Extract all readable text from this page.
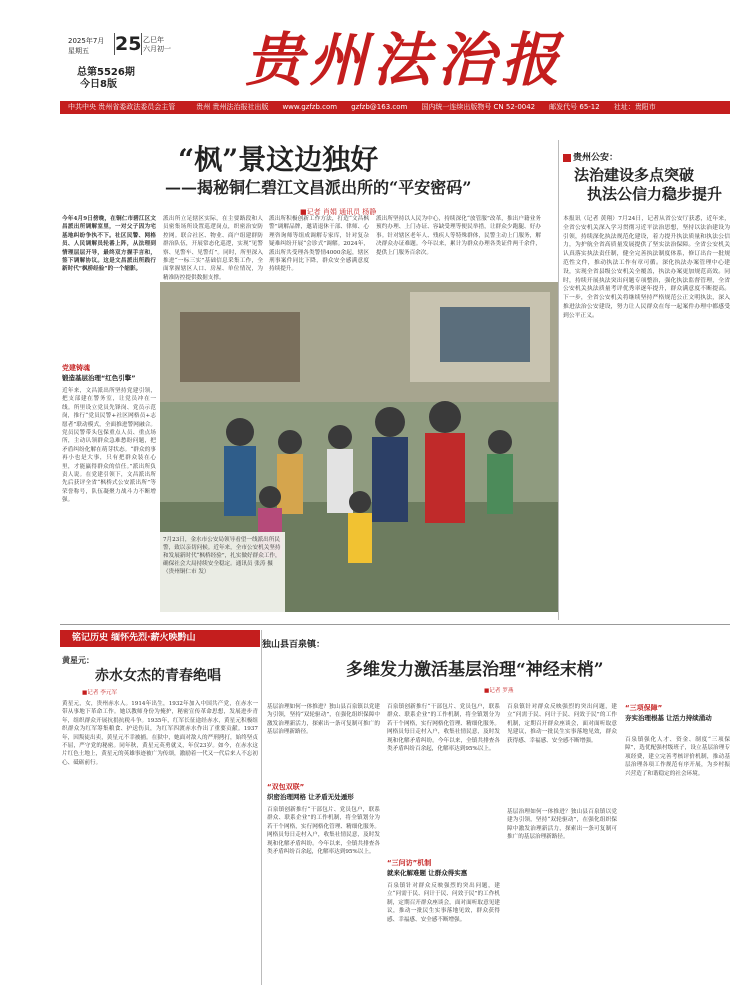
2025年7月
星期五	25 乙巳年
六月初一
总第5526期
今日8版 贵州法治报
中共中央 贵州省委政法委员会主管　　　贵州 贵州法治报社出版　　www.gzfzb.com　　gzfzb@163.com　　国内统一连续出版物号 CN 52-0042　　邮发代号 65-12　　社址：贵阳市
“枫”景这边独好
——揭秘铜仁碧江文昌派出所的“平安密码”
■记者 肖娟 通讯员 杨静
今年4月9日傍晚，在铜仁市碧江区文昌派出所调解室里，一对父子因为宅基地纠纷争执不下。社区民警、网格员、人民调解员轮番上阵，从法理到情理层层开导，最终双方握手言和，签下调解协议。这是文昌派出所践行新时代“枫桥经验”的一个缩影。
党建铸魂
锻造基层治理“红色引擎”
近年来，文昌派出所坚持党建引领，把支部建在警务室，让党员冲在一线。所里设立党员先锋岗、党员示范岗，推行“党员民警+社区网格员+志愿者”联动模式，全面推进警网融合。党员民警带头包保重点人员、重点场所，主动认领群众急难愁盼问题，把矛盾纠纷化解在萌芽状态。“群众的事再小也是大事，只有把群众装在心里，才能赢得群众的信任。”派出所负责人说。在党建引领下，文昌派出所先后获评全省“枫桥式公安派出所”等荣誉称号，队伍凝聚力战斗力不断增强。
派出所立足辖区实际，在主要路段和人员密集场所设置巡逻岗点，织密治安防控网。联合社区、物业、商户组建群防群治队伍，开展常态化巡逻，实现“见警察、见警车、见警灯”。同时，所里深入推进“一标三实”基础信息采集工作，全面掌握辖区人口、房屋、单位情况，为精准防控提供数据支撑。
派出所积极创新工作方法，打造“文昌枫警”调解品牌，邀请退休干部、律师、心理咨询师等组成调解专家库，针对复杂疑难纠纷开展“会诊式”调解。2024年，派出所共受理各类警情4000余起，辖区刑事案件同比下降，群众安全感满意度持续提升。
派出所坚持以人民为中心，持续深化“放管服”改革，推出户籍业务预约办理、上门办证、容缺受理等便民举措，让群众少跑腿、好办事。针对辖区老年人、残疾人等特殊群体，民警主动上门服务，解决群众办证难题。今年以来，累计为群众办理各类证件两千余件，提供上门服务百余次。
7月23日，金水市公安局领导看望一线派出所民警，致以亲切问候。近年来，全市公安机关坚持和发展新时代“枫桥经验”，扎实做好群众工作，确保社会大局持续安全稳定。通讯员 张涛 摄（贵州铜仁市 发）
贵州公安：
法治建设多点突破
执法公信力稳步提升
本报讯（记者 黄翔）7月24日，记者从省公安厅获悉，近年来，全省公安机关深入学习贯彻习近平法治思想，坚持以法治建设为引领，持续深化执法规范化建设，着力提升执法质量和执法公信力，为护航全省高质量发展提供了坚实法治保障。全省公安机关认真落实执法责任制，健全完善执法制度体系，修订出台一批规范性文件，推动执法工作有章可循。深化执法办案管理中心建设，实现全省县级公安机关全覆盖，执法办案更加规范高效。同时，持续开展执法突出问题专项整治，强化执法监督管理，全省公安机关执法质量考评优秀率逐年提升，群众满意度不断提高。下一步，全省公安机关将继续坚持严格规范公正文明执法，深入推进法治公安建设，努力让人民群众在每一起案件办理中都感受到公平正义。
铭记历史 缅怀先烈·薪火映黔山
黄星元：
赤水女杰的青春绝唱
■记者 李元军
黄星元，女，贵州赤水人。1914年出生，1932年加入中国共产党，在赤水一带从事地下革命工作。她以教师身份为掩护，秘密宣传革命思想，发展进步青年，组织群众开展抗捐抗税斗争。1935年，红军长征途经赤水，黄星元积极组织群众为红军筹集粮食、护送伤员，为红军四渡赤水作出了重要贡献。1937年，因叛徒出卖，黄星元不幸被捕。在狱中，她面对敌人的严刑拷打，始终坚贞不屈，严守党的秘密。同年秋，黄星元英勇就义，年仅23岁。如今，在赤水这片红色土地上，黄星元的英雄事迹被广为传颂，激励着一代又一代后来人不忘初心、砥砺前行。
独山县百泉镇：
多维发力激活基层治理“神经末梢”
■记者 罗燕
基层治理如何一体推进？独山县百泉镇以党建为引领，坚持“双轮驱动”，在强化组织保障中激发治理新活力，探索出一条可复制可推广的基层治理新路径。
“双包双联”
织密治理网格 让矛盾无处遁形
百泉镇创新推行“干部包片、党员包户，联系群众、联系企业”的工作机制，将全镇划分为若干个网格，实行网格化管理、精细化服务。网格员每日走村入户，收集社情民意，及时发现和化解矛盾纠纷。今年以来，全镇共排查各类矛盾纠纷百余起，化解率达到95%以上。
百泉镇创新推行“干部包片、党员包户，联系群众、联系企业”的工作机制，将全镇划分为若干个网格，实行网格化管理、精细化服务。网格员每日走村入户，收集社情民意，及时发现和化解矛盾纠纷。今年以来，全镇共排查各类矛盾纠纷百余起，化解率达到95%以上。
“三问访”机制
就来化解难题 让群众得实惠
百泉镇针对群众反映强烈的突出问题，建立“问需于民、问计于民、问效于民”的工作机制，定期召开群众座谈会，面对面听取意见建议，推动一批民生实事落地见效，群众获得感、幸福感、安全感不断增强。
百泉镇针对群众反映强烈的突出问题，建立“问需于民、问计于民、问效于民”的工作机制，定期召开群众座谈会，面对面听取意见建议，推动一批民生实事落地见效，群众获得感、幸福感、安全感不断增强。
“三项保障”
夯实治理根基 让活力持续涌动
百泉镇强化人才、资金、制度“三项保障”，选优配强村级班子，设立基层治理专项经费，建立完善考核评价机制，推动基层治理各项工作规范有序开展，为乡村振兴营造了和谐稳定的社会环境。
基层治理如何一体推进？独山县百泉镇以党建为引领，坚持“双轮驱动”，在强化组织保障中激发治理新活力，探索出一条可复制可推广的基层治理新路径。
